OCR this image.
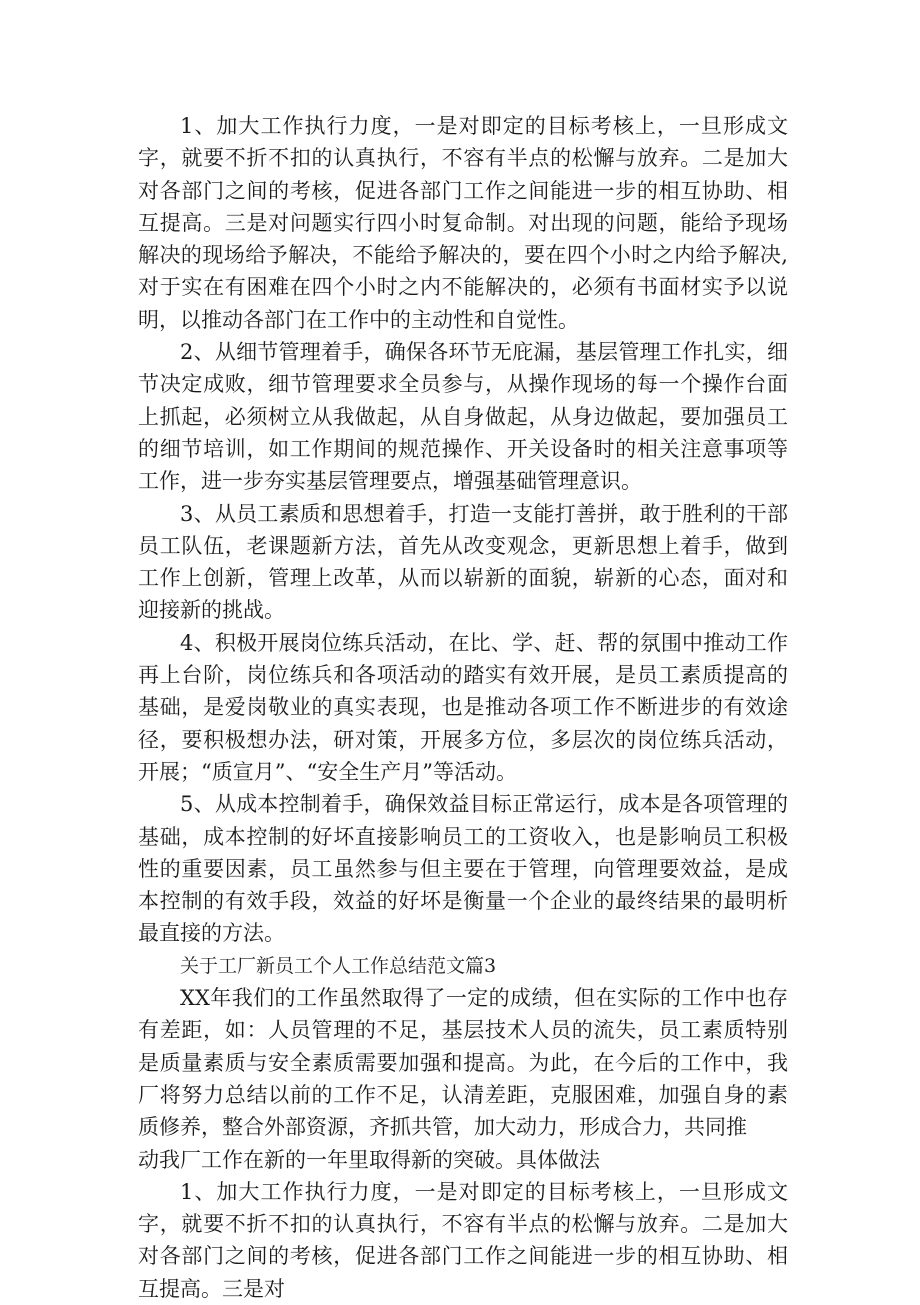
1、加大工作执行力度，一是对即定的目标考核上，一旦形成文字，就要不折不扣的认真执行，不容有半点的松懈与放弃。二是加大对各部门之间的考核，促进各部门工作之间能进一步的相互协助、相互提高。三是对问题实行四小时复命制。对出现的问题，能给予现场解决的现场给予解决，不能给予解决的，要在四个小时之内给予解决,对于实在有困难在四个小时之内不能解决的，必须有书面材实予以说明，以推动各部门在工作中的主动性和自觉性。

2、从细节管理着手，确保各环节无庇漏，基层管理工作扎实，细节决定成败，细节管理要求全员参与，从操作现场的每一个操作台面上抓起，必须树立从我做起，从自身做起，从身边做起，要加强员工的细节培训，如工作期间的规范操作、开关设备时的相关注意事项等工作，进一步夯实基层管理要点，增强基础管理意识。

3、从员工素质和思想着手，打造一支能打善拼，敢于胜利的干部员工队伍，老课题新方法，首先从改变观念，更新思想上着手，做到工作上创新，管理上改革，从而以崭新的面貌，崭新的心态，面对和迎接新的挑战。

4、积极开展岗位练兵活动，在比、学、赶、帮的氛围中推动工作再上台阶，岗位练兵和各项活动的踏实有效开展，是员工素质提高的基础，是爱岗敬业的真实表现，也是推动各项工作不断进步的有效途径，要积极想办法，研对策，开展多方位，多层次的岗位练兵活动，开展；“质宣月”、“安全生产月”等活动。

5、从成本控制着手，确保效益目标正常运行，成本是各项管理的基础，成本控制的好坏直接影响员工的工资收入，也是影响员工积极性的重要因素，员工虽然参与但主要在于管理，向管理要效益，是成本控制的有效手段，效益的好坏是衡量一个企业的最终结果的最明析最直接的方法。

关于工厂新员工个人工作总结范文篇3

XX年我们的工作虽然取得了一定的成绩，但在实际的工作中也存有差距，如：人员管理的不足，基层技术人员的流失，员工素质特别是质量素质与安全素质需要加强和提高。为此，在今后的工作中，我厂将努力总结以前的工作不足，认清差距，克服困难，加强自身的素质修养，整合外部资源，齐抓共管，加大动力，形成合力，共同推

动我厂工作在新的一年里取得新的突破。具体做法

1、加大工作执行力度，一是对即定的目标考核上，一旦形成文字，就要不折不扣的认真执行，不容有半点的松懈与放弃。二是加大对各部门之间的考核，促进各部门工作之间能进一步的相互协助、相互提高。三是对
